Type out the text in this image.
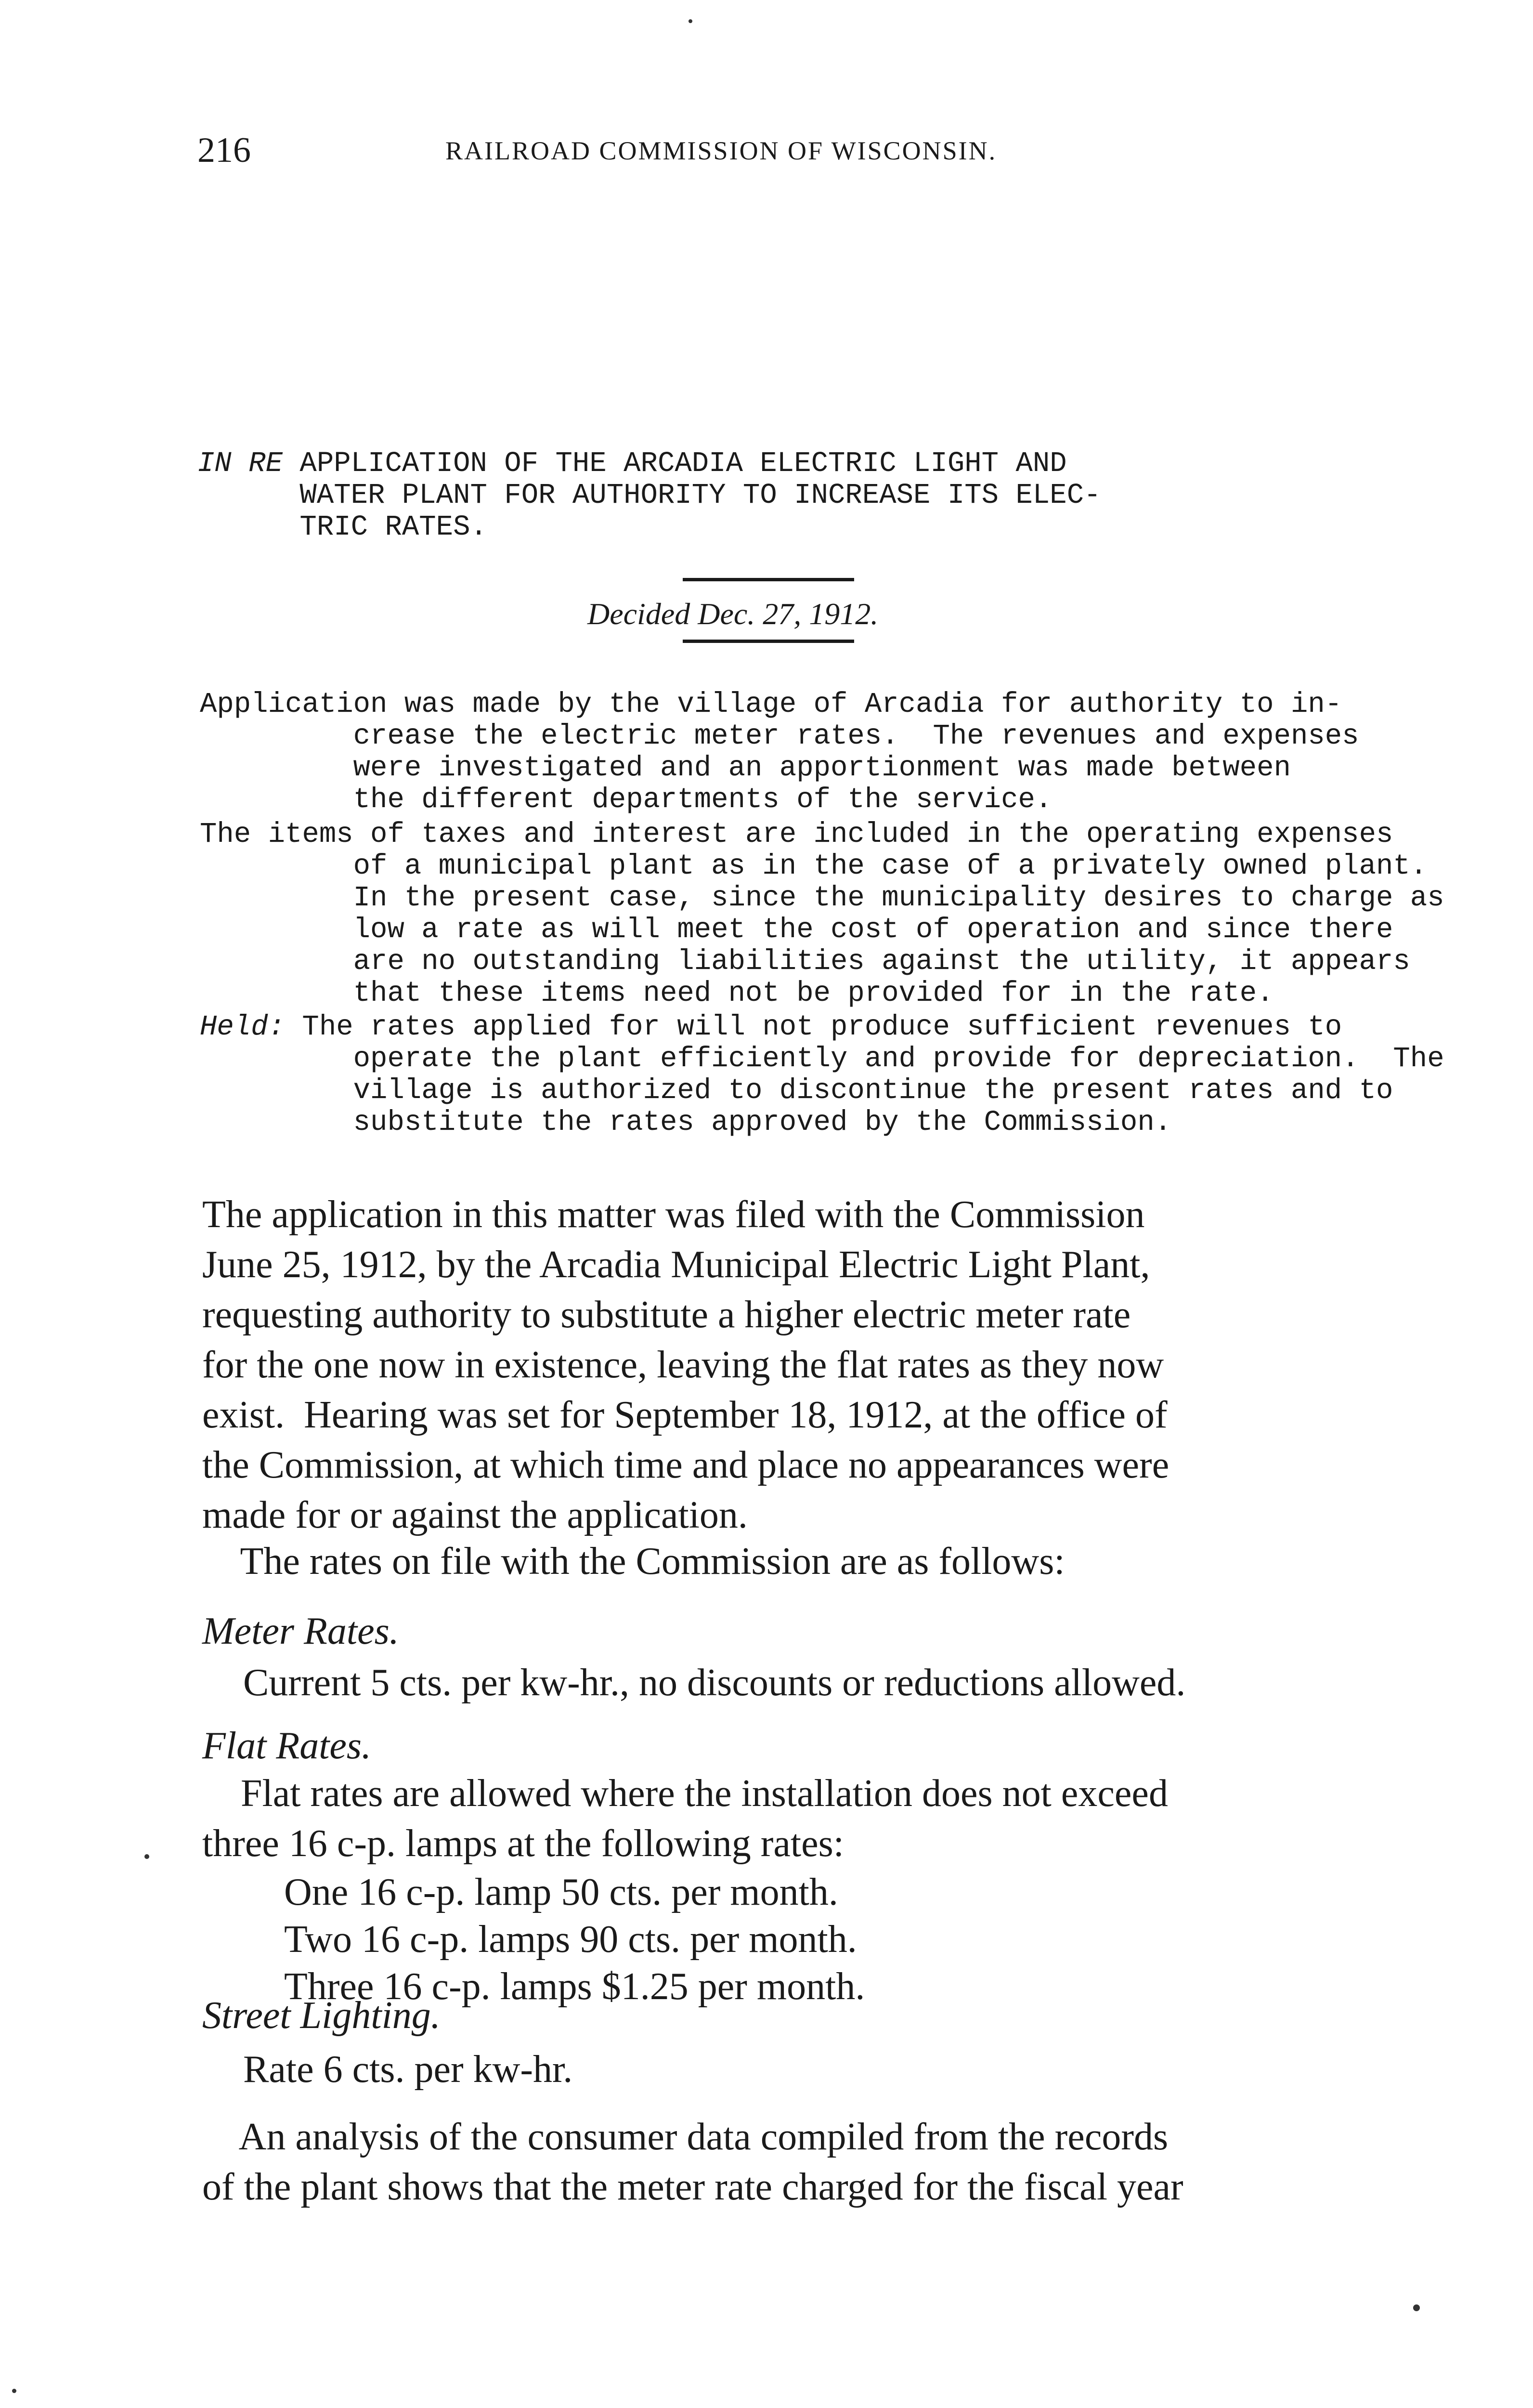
216	RAILROAD COMMISSION OF WISCONSIN.
IN RE APPLICATION OF THE ARCADIA ELECTRIC LIGHT AND
WATER PLANT FOR AUTHORITY TO INCREASE ITS ELEC-
TRIC RATES.
Decided Dec. 27, 1912.
Application was made by the village of Arcadia for authority to in-
crease the electric meter rates.  The revenues and expenses
were investigated and an apportionment was made between
the different departments of the service.
The items of taxes and interest are included in the operating expenses
of a municipal plant as in the case of a privately owned plant.
In the present case, since the municipality desires to charge as
low a rate as will meet the cost of operation and since there
are no outstanding liabilities against the utility, it appears
that these items need not be provided for in the rate.
Held: The rates applied for will not produce sufficient revenues to
operate the plant efficiently and provide for depreciation.  The
village is authorized to discontinue the present rates and to
substitute the rates approved by the Commission.
The application in this matter was filed with the Commission
June 25, 1912, by the Arcadia Municipal Electric Light Plant,
requesting authority to substitute a higher electric meter rate
for the one now in existence, leaving the flat rates as they now
exist.  Hearing was set for September 18, 1912, at the office of
the Commission, at which time and place no appearances were
made for or against the application.
The rates on file with the Commission are as follows:
Meter Rates.
Current 5 cts. per kw-hr., no discounts or reductions allowed.
Flat Rates.
Flat rates are allowed where the installation does not exceed
three 16 c-p. lamps at the following rates:
One 16 c-p. lamp 50 cts. per month.
Two 16 c-p. lamps 90 cts. per month.
Three 16 c-p. lamps $1.25 per month.
Street Lighting.
Rate 6 cts. per kw-hr.
An analysis of the consumer data compiled from the records
of the plant shows that the meter rate charged for the fiscal year
